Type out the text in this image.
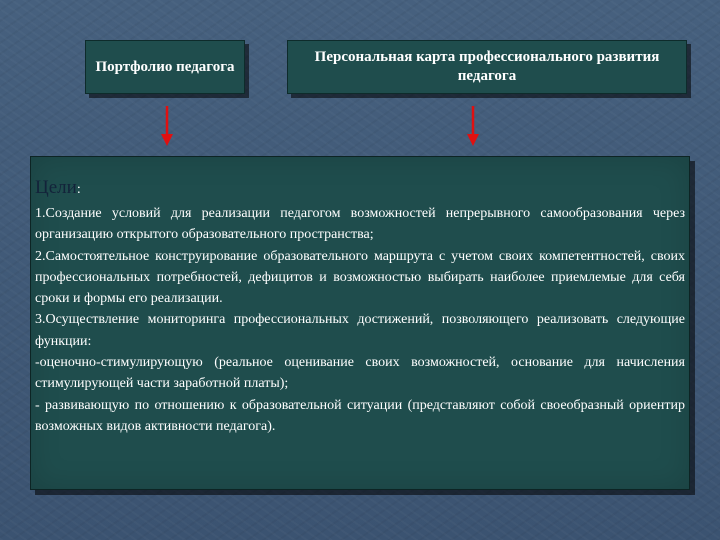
Портфолио педагога
Персональная карта профессионального развития педагога
Цели:

1.Создание условий для реализации педагогом возможностей непрерывного самообразования через организацию открытого образовательного пространства;

2.Самостоятельное конструирование образовательного маршрута с учетом своих компетентностей, своих профессиональных потребностей, дефицитов и возможностью выбирать наиболее приемлемые для себя сроки и формы его реализации.

3.Осуществление мониторинга профессиональных достижений, позволяющего реализовать следующие функции:

-оценочно-стимулирующую (реальное оценивание своих возможностей, основание для начисления стимулирующей части заработной платы);

- развивающую по отношению к образовательной ситуации (представляют собой своеобразный ориентир возможных видов активности педагога).
